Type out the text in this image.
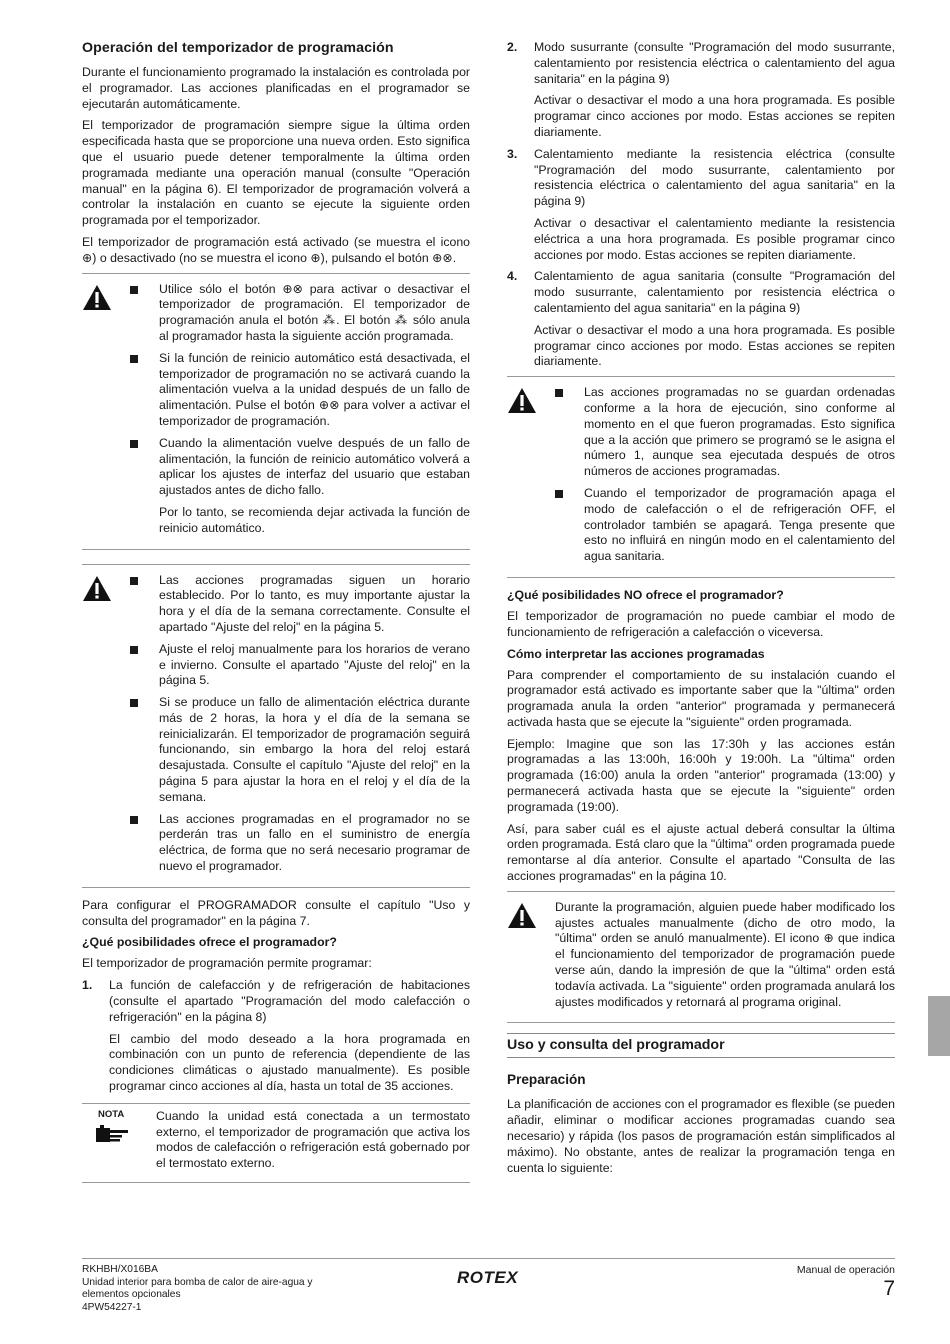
Operación del temporizador de programación

Durante el funcionamiento programado la instalación es controlada por el programador. Las acciones planificadas en el programador se ejecutarán automáticamente.

El temporizador de programación siempre sigue la última orden especificada hasta que se proporcione una nueva orden. Esto significa que el usuario puede detener temporalmente la última orden programada mediante una operación manual (consulte "Operación manual" en la página 6). El temporizador de programación volverá a controlar la instalación en cuanto se ejecute la siguiente orden programada por el temporizador.

El temporizador de programación está activado (se muestra el icono ⊕) o desactivado (no se muestra el icono ⊕), pulsando el botón ⊕⊗.

Utilice sólo el botón ⊕⊗ para activar o desactivar el temporizador de programación. El temporizador de programación anula el botón ⁂. El botón ⁂ sólo anula al programador hasta la siguiente acción programada.

Si la función de reinicio automático está desactivada, el temporizador de programación no se activará cuando la alimentación vuelva a la unidad después de un fallo de alimentación. Pulse el botón ⊕⊗ para volver a activar el temporizador de programación.

Cuando la alimentación vuelve después de un fallo de alimentación, la función de reinicio automático volverá a aplicar los ajustes de interfaz del usuario que estaban ajustados antes de dicho fallo.

Por lo tanto, se recomienda dejar activada la función de reinicio automático.

Las acciones programadas siguen un horario establecido. Por lo tanto, es muy importante ajustar la hora y el día de la semana correctamente. Consulte el apartado "Ajuste del reloj" en la página 5.

Ajuste el reloj manualmente para los horarios de verano e invierno. Consulte el apartado "Ajuste del reloj" en la página 5.

Si se produce un fallo de alimentación eléctrica durante más de 2 horas, la hora y el día de la semana se reinicializarán. El temporizador de programación seguirá funcionando, sin embargo la hora del reloj estará desajustada. Consulte el capítulo "Ajuste del reloj" en la página 5 para ajustar la hora en el reloj y el día de la semana.

Las acciones programadas en el programador no se perderán tras un fallo en el suministro de energía eléctrica, de forma que no será necesario programar de nuevo el programador.

Para configurar el PROGRAMADOR consulte el capítulo "Uso y consulta del programador" en la página 7.

¿Qué posibilidades ofrece el programador?

El temporizador de programación permite programar:

1.	La función de calefacción y de refrigeración de habitaciones (consulte el apartado "Programación del modo calefacción o refrigeración" en la página 8)

El cambio del modo deseado a la hora programada en combinación con un punto de referencia (dependiente de las condiciones climáticas o ajustado manualmente). Es posible programar cinco acciones al día, hasta un total de 35 acciones.

NOTA	Cuando la unidad está conectada a un termostato externo, el temporizador de programación que activa los modos de calefacción o refrigeración está gobernado por el termostato externo.

2.	Modo susurrante (consulte "Programación del modo susurrante, calentamiento por resistencia eléctrica o calentamiento del agua sanitaria" en la página 9)

Activar o desactivar el modo a una hora programada. Es posible programar cinco acciones por modo. Estas acciones se repiten diariamente.

3.	Calentamiento mediante la resistencia eléctrica (consulte "Programación del modo susurrante, calentamiento por resistencia eléctrica o calentamiento del agua sanitaria" en la página 9)

Activar o desactivar el calentamiento mediante la resistencia eléctrica a una hora programada. Es posible programar cinco acciones por modo. Estas acciones se repiten diariamente.

4.	Calentamiento de agua sanitaria (consulte "Programación del modo susurrante, calentamiento por resistencia eléctrica o calentamiento del agua sanitaria" en la página 9)

Activar o desactivar el modo a una hora programada. Es posible programar cinco acciones por modo. Estas acciones se repiten diariamente.

Las acciones programadas no se guardan ordenadas conforme a la hora de ejecución, sino conforme al momento en el que fueron programadas. Esto significa que a la acción que primero se programó se le asigna el número 1, aunque sea ejecutada después de otros números de acciones programadas.

Cuando el temporizador de programación apaga el modo de calefacción o el de refrigeración OFF, el controlador también se apagará. Tenga presente que esto no influirá en ningún modo en el calentamiento del agua sanitaria.

¿Qué posibilidades NO ofrece el programador?

El temporizador de programación no puede cambiar el modo de funcionamiento de refrigeración a calefacción o viceversa.

Cómo interpretar las acciones programadas

Para comprender el comportamiento de su instalación cuando el programador está activado es importante saber que la "última" orden programada anula la orden "anterior" programada y permanecerá activada hasta que se ejecute la "siguiente" orden programada.

Ejemplo: Imagine que son las 17:30h y las acciones están programadas a las 13:00h, 16:00h y 19:00h. La "última" orden programada (16:00) anula la orden "anterior" programada (13:00) y permanecerá activada hasta que se ejecute la "siguiente" orden programada (19:00).

Así, para saber cuál es el ajuste actual deberá consultar la última orden programada. Está claro que la "última" orden programada puede remontarse al día anterior. Consulte el apartado "Consulta de las acciones programadas" en la página 10.

Durante la programación, alguien puede haber modificado los ajustes actuales manualmente (dicho de otro modo, la "última" orden se anuló manualmente). El icono ⊕ que indica el funcionamiento del temporizador de programación puede verse aún, dando la impresión de que la "última" orden está todavía activada. La "siguiente" orden programada anulará los ajustes modificados y retornará al programa original.

Uso y consulta del programador
Preparación

La planificación de acciones con el programador es flexible (se pueden añadir, eliminar o modificar acciones programadas cuando sea necesario) y rápida (los pasos de programación están simplificados al máximo). No obstante, antes de realizar la programación tenga en cuenta lo siguiente:

RKHBH/X016BA
Unidad interior para bomba de calor de aire-agua y
elementos opcionales
4PW54227-1
ROTEX	Manual de operación
7
